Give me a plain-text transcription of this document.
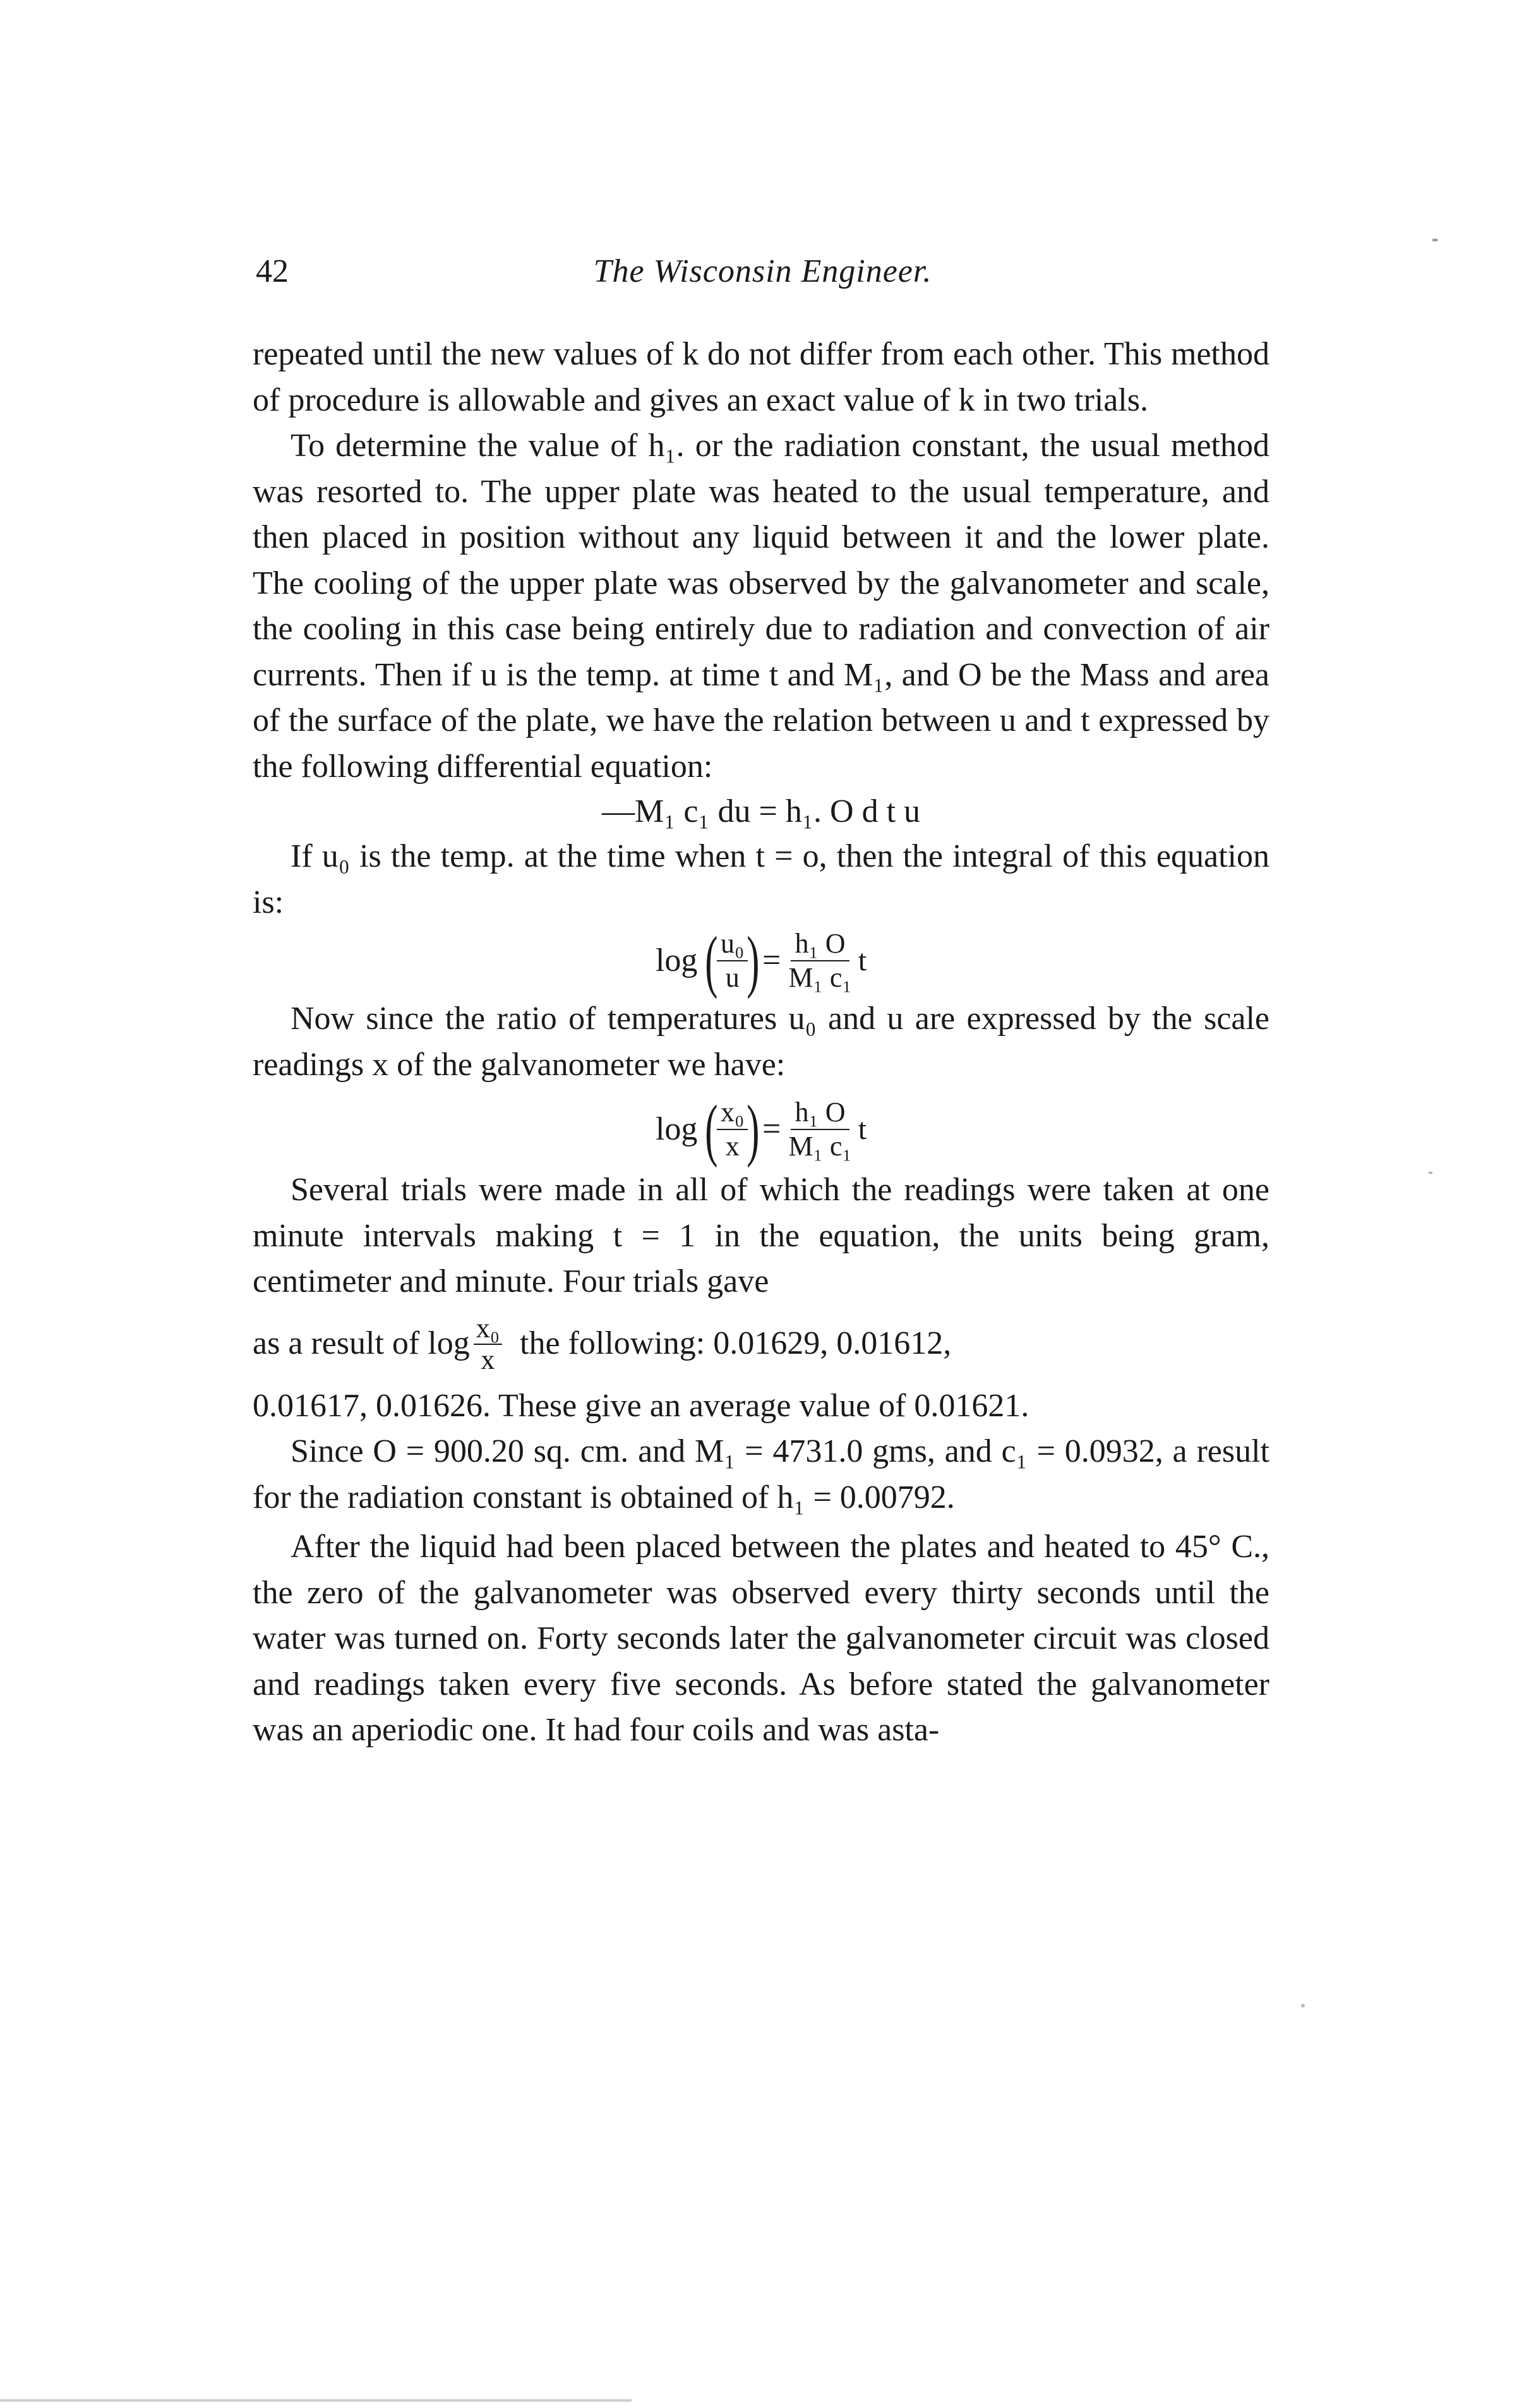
42	The Wisconsin Engineer.

repeated until the new values of k do not differ from each other. This method of procedure is allowable and gives an exact value of k in two trials.

To determine the value of h₁. or the radiation constant, the usual method was resorted to. The upper plate was heated to the usual temperature, and then placed in position without any liquid between it and the lower plate. The cooling of the upper plate was observed by the galvanometer and scale, the cooling in this case being entirely due to radiation and convection of air currents. Then if u is the temp. at time t and M₁, and O be the Mass and area of the surface of the plate, we have the relation between u and t expressed by the following differential equation:

—M₁ c₁ du = h₁. O d t u

If u₀ is the temp. at the time when t = o, then the integral of this equation is:

log (
$\frac{\text{u₀}}{u}$
) = $\frac{\text{h₁ O}}{\text{M₁ c₁}}$ t

Now since the ratio of temperatures u₀ and u are expressed by the scale readings x of the galvanometer we have:

log (
$\frac{\text{x₀}}{x}$
) = $\frac{\text{h₁ O}}{\text{M₁ c₁}}$ t

Several trials were made in all of which the readings were taken at one minute intervals making t = 1 in the equation, the units being gram, centimeter and minute. Four trials gave

as a result of $\log \frac{\text{x₀}}{x}$ the following: 0.01629, 0.01612,

0.01617, 0.01626. These give an average value of 0.01621.

Since O = 900.20 sq. cm. and M₁ = 4731.0 gms, and c₁ = 0.0932, a result for the radiation constant is obtained of h₁ = 0.00792.

After the liquid had been placed between the plates and heated to 45° C., the zero of the galvanometer was observed every thirty seconds until the water was turned on. Forty seconds later the galvanometer circuit was closed and readings taken every five seconds. As before stated the galvanometer was an aperiodic one. It had four coils and was asta-
